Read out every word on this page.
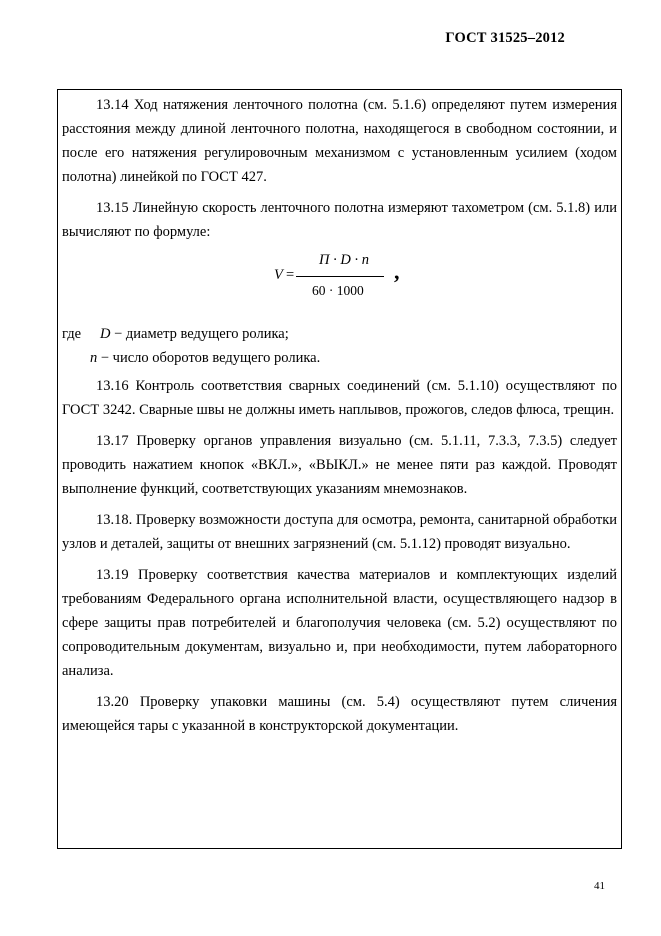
ГОСТ 31525–2012

13.14 Ход натяжения ленточного полотна (см. 5.1.6) определяют путем измерения расстояния между длиной ленточного полотна, находящегося в свободном состоянии, и после его натяжения регулировочным механизмом с установленным усилием (ходом полотна) линейкой по ГОСТ 427.

13.15 Линейную скорость ленточного полотна измеряют тахометром (см. 5.1.8) или вычисляют по формуле:

V =
Π · D · n
60 · 1000
,

где D − диаметр ведущего ролика;

n − число оборотов ведущего ролика.

13.16 Контроль соответствия сварных соединений (см. 5.1.10) осуществляют по ГОСТ 3242. Сварные швы не должны иметь наплывов, прожогов, следов флюса, трещин.

13.17 Проверку органов управления визуально (см. 5.1.11, 7.3.3, 7.3.5) следует проводить нажатием кнопок «ВКЛ.», «ВЫКЛ.» не менее пяти раз каждой. Проводят выполнение функций, соответствующих указаниям мнемознаков.

13.18. Проверку возможности доступа для осмотра, ремонта, санитарной обработки узлов и деталей, защиты от внешних загрязнений (см. 5.1.12) проводят визуально.

13.19 Проверку соответствия качества материалов и комплектующих изделий требованиям Федерального органа исполнительной власти, осуществляющего надзор в сфере защиты прав потребителей и благополучия человека (см. 5.2) осуществляют по сопроводительным документам, визуально и, при необходимости, путем лабораторного анализа.

13.20 Проверку упаковки машины (см. 5.4) осуществляют путем сличения имеющейся тары с указанной в конструкторской документации.

41
